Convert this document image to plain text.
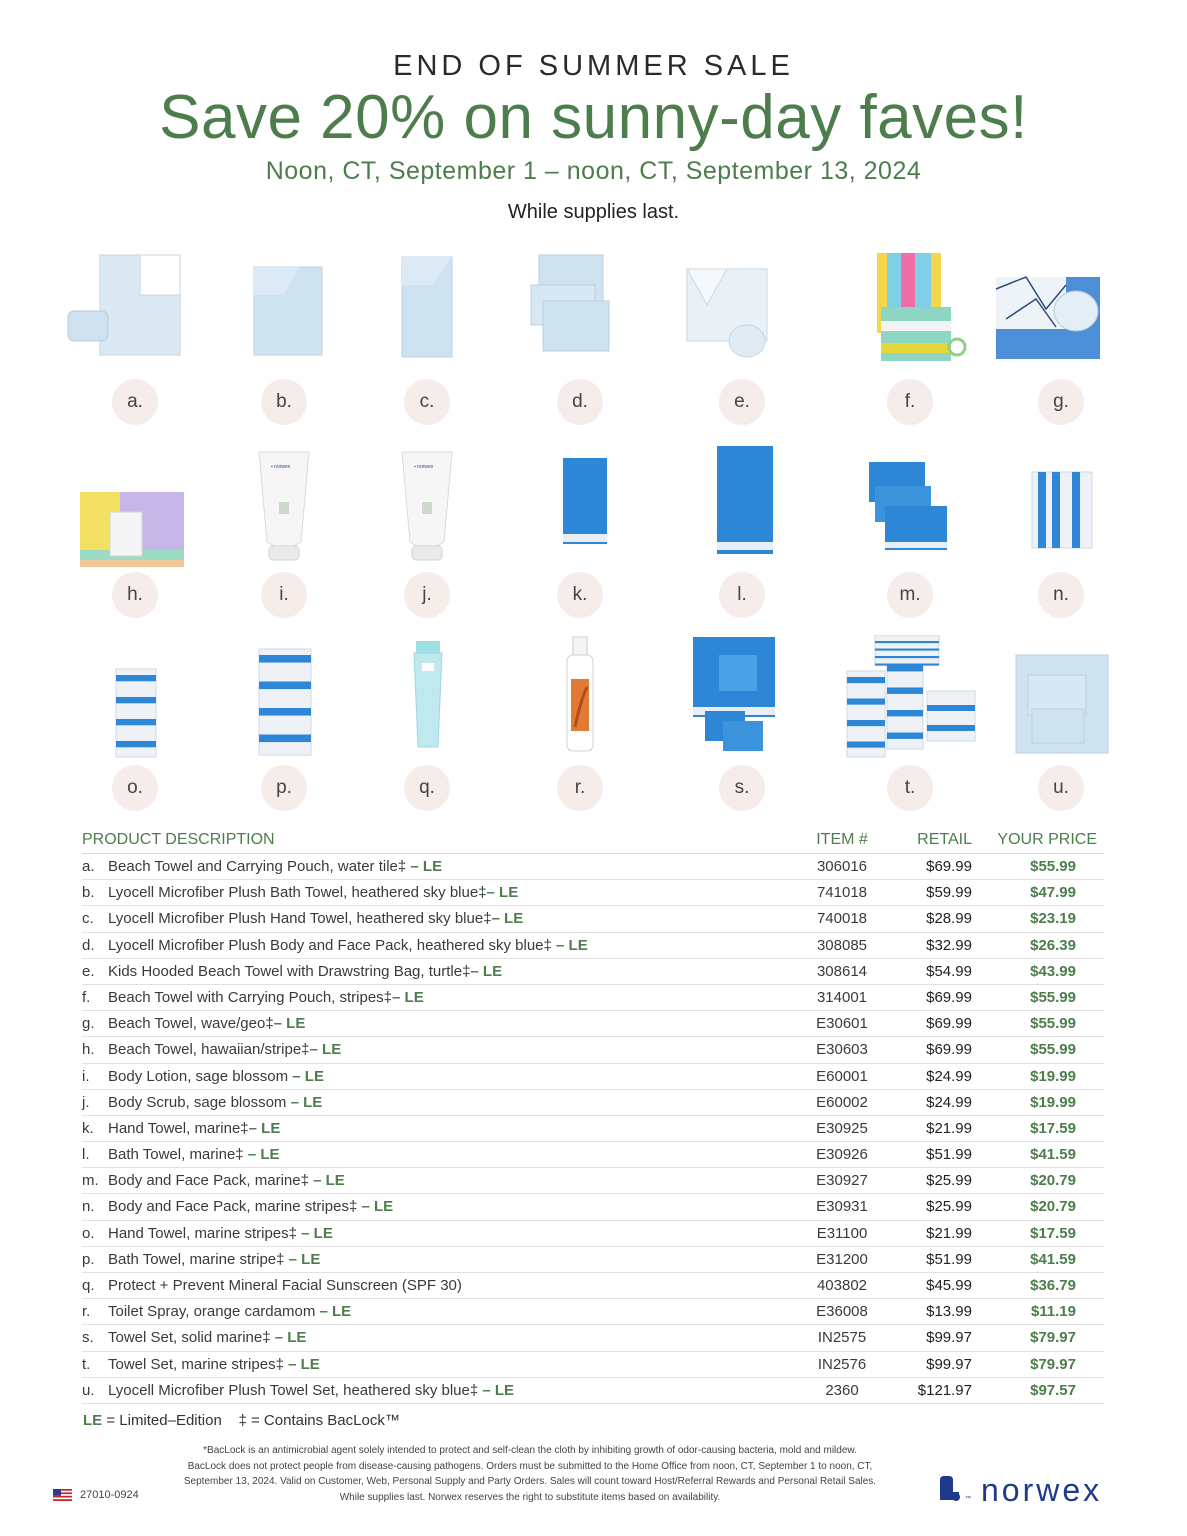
END OF SUMMER SALE
Save 20% on sunny-day faves!
Noon, CT, September 1 – noon, CT, September 13, 2024
While supplies last.
a.	b.	c.	d.	e.	f.	g.
h.
▪ norwex
i.
▪ norwex
j.	k.	l.	m.	n.
o.	p.	q.	r.	s.	t.	u.
PRODUCT DESCRIPTION	ITEM #	RETAIL	YOUR PRICE
a. Beach Towel and Carrying Pouch, water tile‡ – LE	306016	$69.99	$55.99
b. Lyocell Microfiber Plush Bath Towel, heathered sky blue‡– LE	741018	$59.99	$47.99
c. Lyocell Microfiber Plush Hand Towel, heathered sky blue‡– LE	740018	$28.99	$23.19
d. Lyocell Microfiber Plush Body and Face Pack, heathered sky blue‡ – LE	308085	$32.99	$26.39
e. Kids Hooded Beach Towel with Drawstring Bag, turtle‡– LE	308614	$54.99	$43.99
f.	Beach Towel with Carrying Pouch, stripes‡– LE	314001	$69.99	$55.99
g. Beach Towel, wave/geo‡– LE	E30601	$69.99	$55.99
h. Beach Towel, hawaiian/stripe‡– LE	E30603	$69.99	$55.99
i.	Body Lotion, sage blossom – LE	E60001	$24.99	$19.99
j.	Body Scrub, sage blossom – LE	E60002	$24.99	$19.99
k. Hand Towel, marine‡– LE	E30925	$21.99	$17.59
l.	Bath Towel, marine‡ – LE	E30926	$51.99	$41.59
m. Body and Face Pack, marine‡ – LE	E30927	$25.99	$20.79
n. Body and Face Pack, marine stripes‡ – LE	E30931	$25.99	$20.79
o. Hand Towel, marine stripes‡ – LE	E31100	$21.99	$17.59
p. Bath Towel, marine stripe‡ – LE	E31200	$51.99	$41.59
q. Protect + Prevent Mineral Facial Sunscreen (SPF 30)	403802	$45.99	$36.79
r.	Toilet Spray, orange cardamom – LE	E36008	$13.99	$11.19
s. Towel Set, solid marine‡ – LE	IN2575	$99.97	$79.97
t.	Towel Set, marine stripes‡ – LE	IN2576	$99.97	$79.97
u. Lyocell Microfiber Plush Towel Set, heathered sky blue‡ – LE	2360	$121.97	$97.57
LE = Limited–Edition ‡ = Contains BacLock™
*BacLock is an antimicrobial agent solely intended to protect and self-clean the cloth by inhibiting growth of odor-causing bacteria, mold and mildew.
BacLock does not protect people from disease-causing pathogens. Orders must be submitted to the Home Office from noon, CT, September 1 to noon, CT,
September 13, 2024. Valid on Customer, Web, Personal Supply and Party Orders. Sales will count toward Host/Referral Rewards and Personal Retail Sales.
While supplies last. Norwex reserves the right to substitute items based on availability.
27010-0924	™ norwex
